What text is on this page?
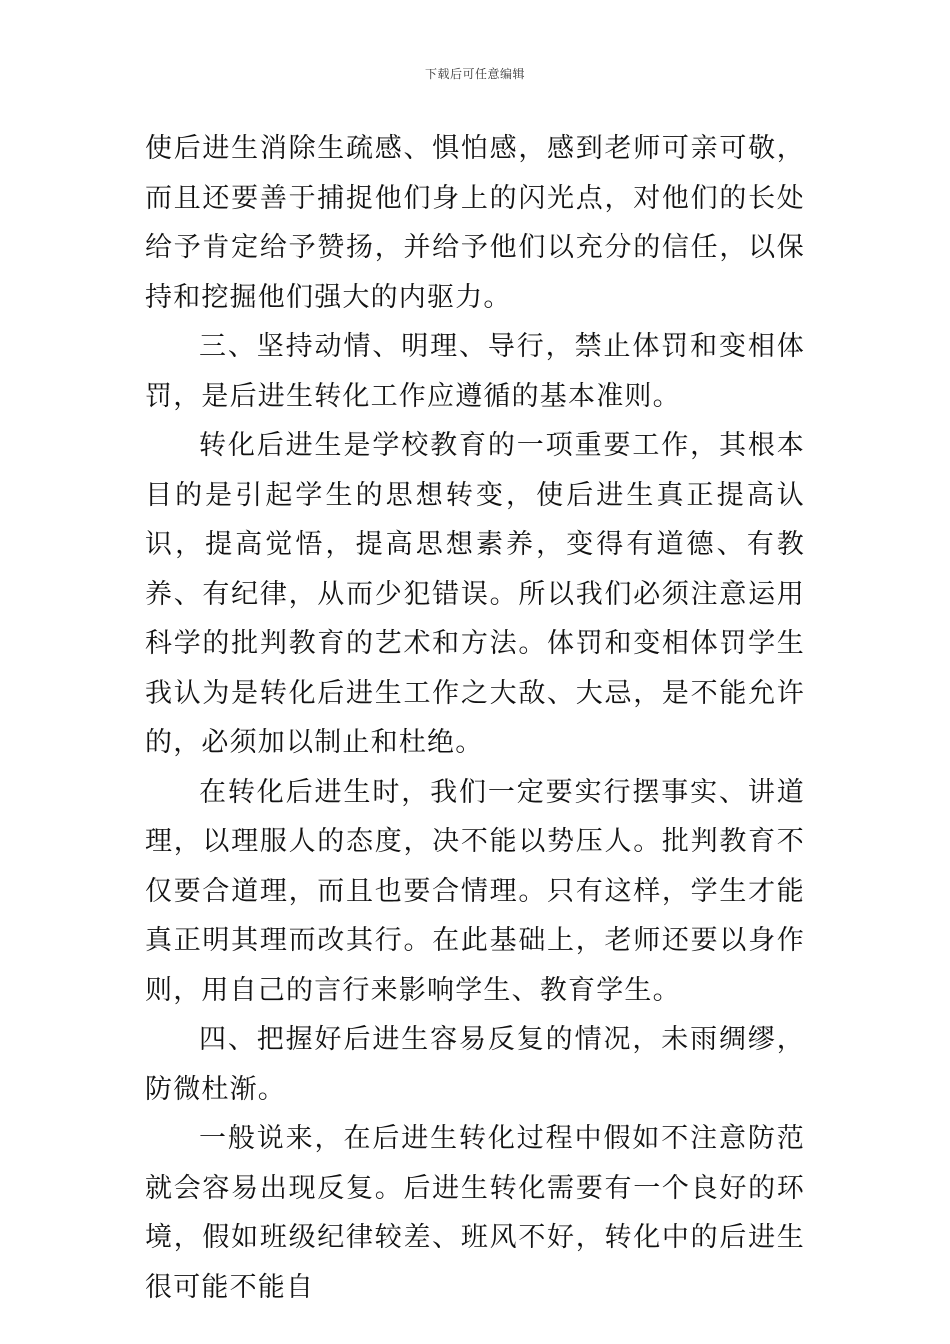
下载后可任意编辑

使后进生消除生疏感、惧怕感，感到老师可亲可敬，而且还要善于捕捉他们身上的闪光点，对他们的长处给予肯定给予赞扬，并给予他们以充分的信任，以保持和挖掘他们强大的内驱力。

三、坚持动情、明理、导行，禁止体罚和变相体罚，是后进生转化工作应遵循的基本准则。

转化后进生是学校教育的一项重要工作，其根本目的是引起学生的思想转变，使后进生真正提高认识，提高觉悟，提高思想素养，变得有道德、有教养、有纪律，从而少犯错误。所以我们必须注意运用科学的批判教育的艺术和方法。体罚和变相体罚学生我认为是转化后进生工作之大敌、大忌，是不能允许的，必须加以制止和杜绝。

在转化后进生时，我们一定要实行摆事实、讲道理，以理服人的态度，决不能以势压人。批判教育不仅要合道理，而且也要合情理。只有这样，学生才能真正明其理而改其行。在此基础上，老师还要以身作则，用自己的言行来影响学生、教育学生。

四、把握好后进生容易反复的情况，未雨绸缪，防微杜渐。

一般说来，在后进生转化过程中假如不注意防范就会容易出现反复。后进生转化需要有一个良好的环境，假如班级纪律较差、班风不好，转化中的后进生很可能不能自
